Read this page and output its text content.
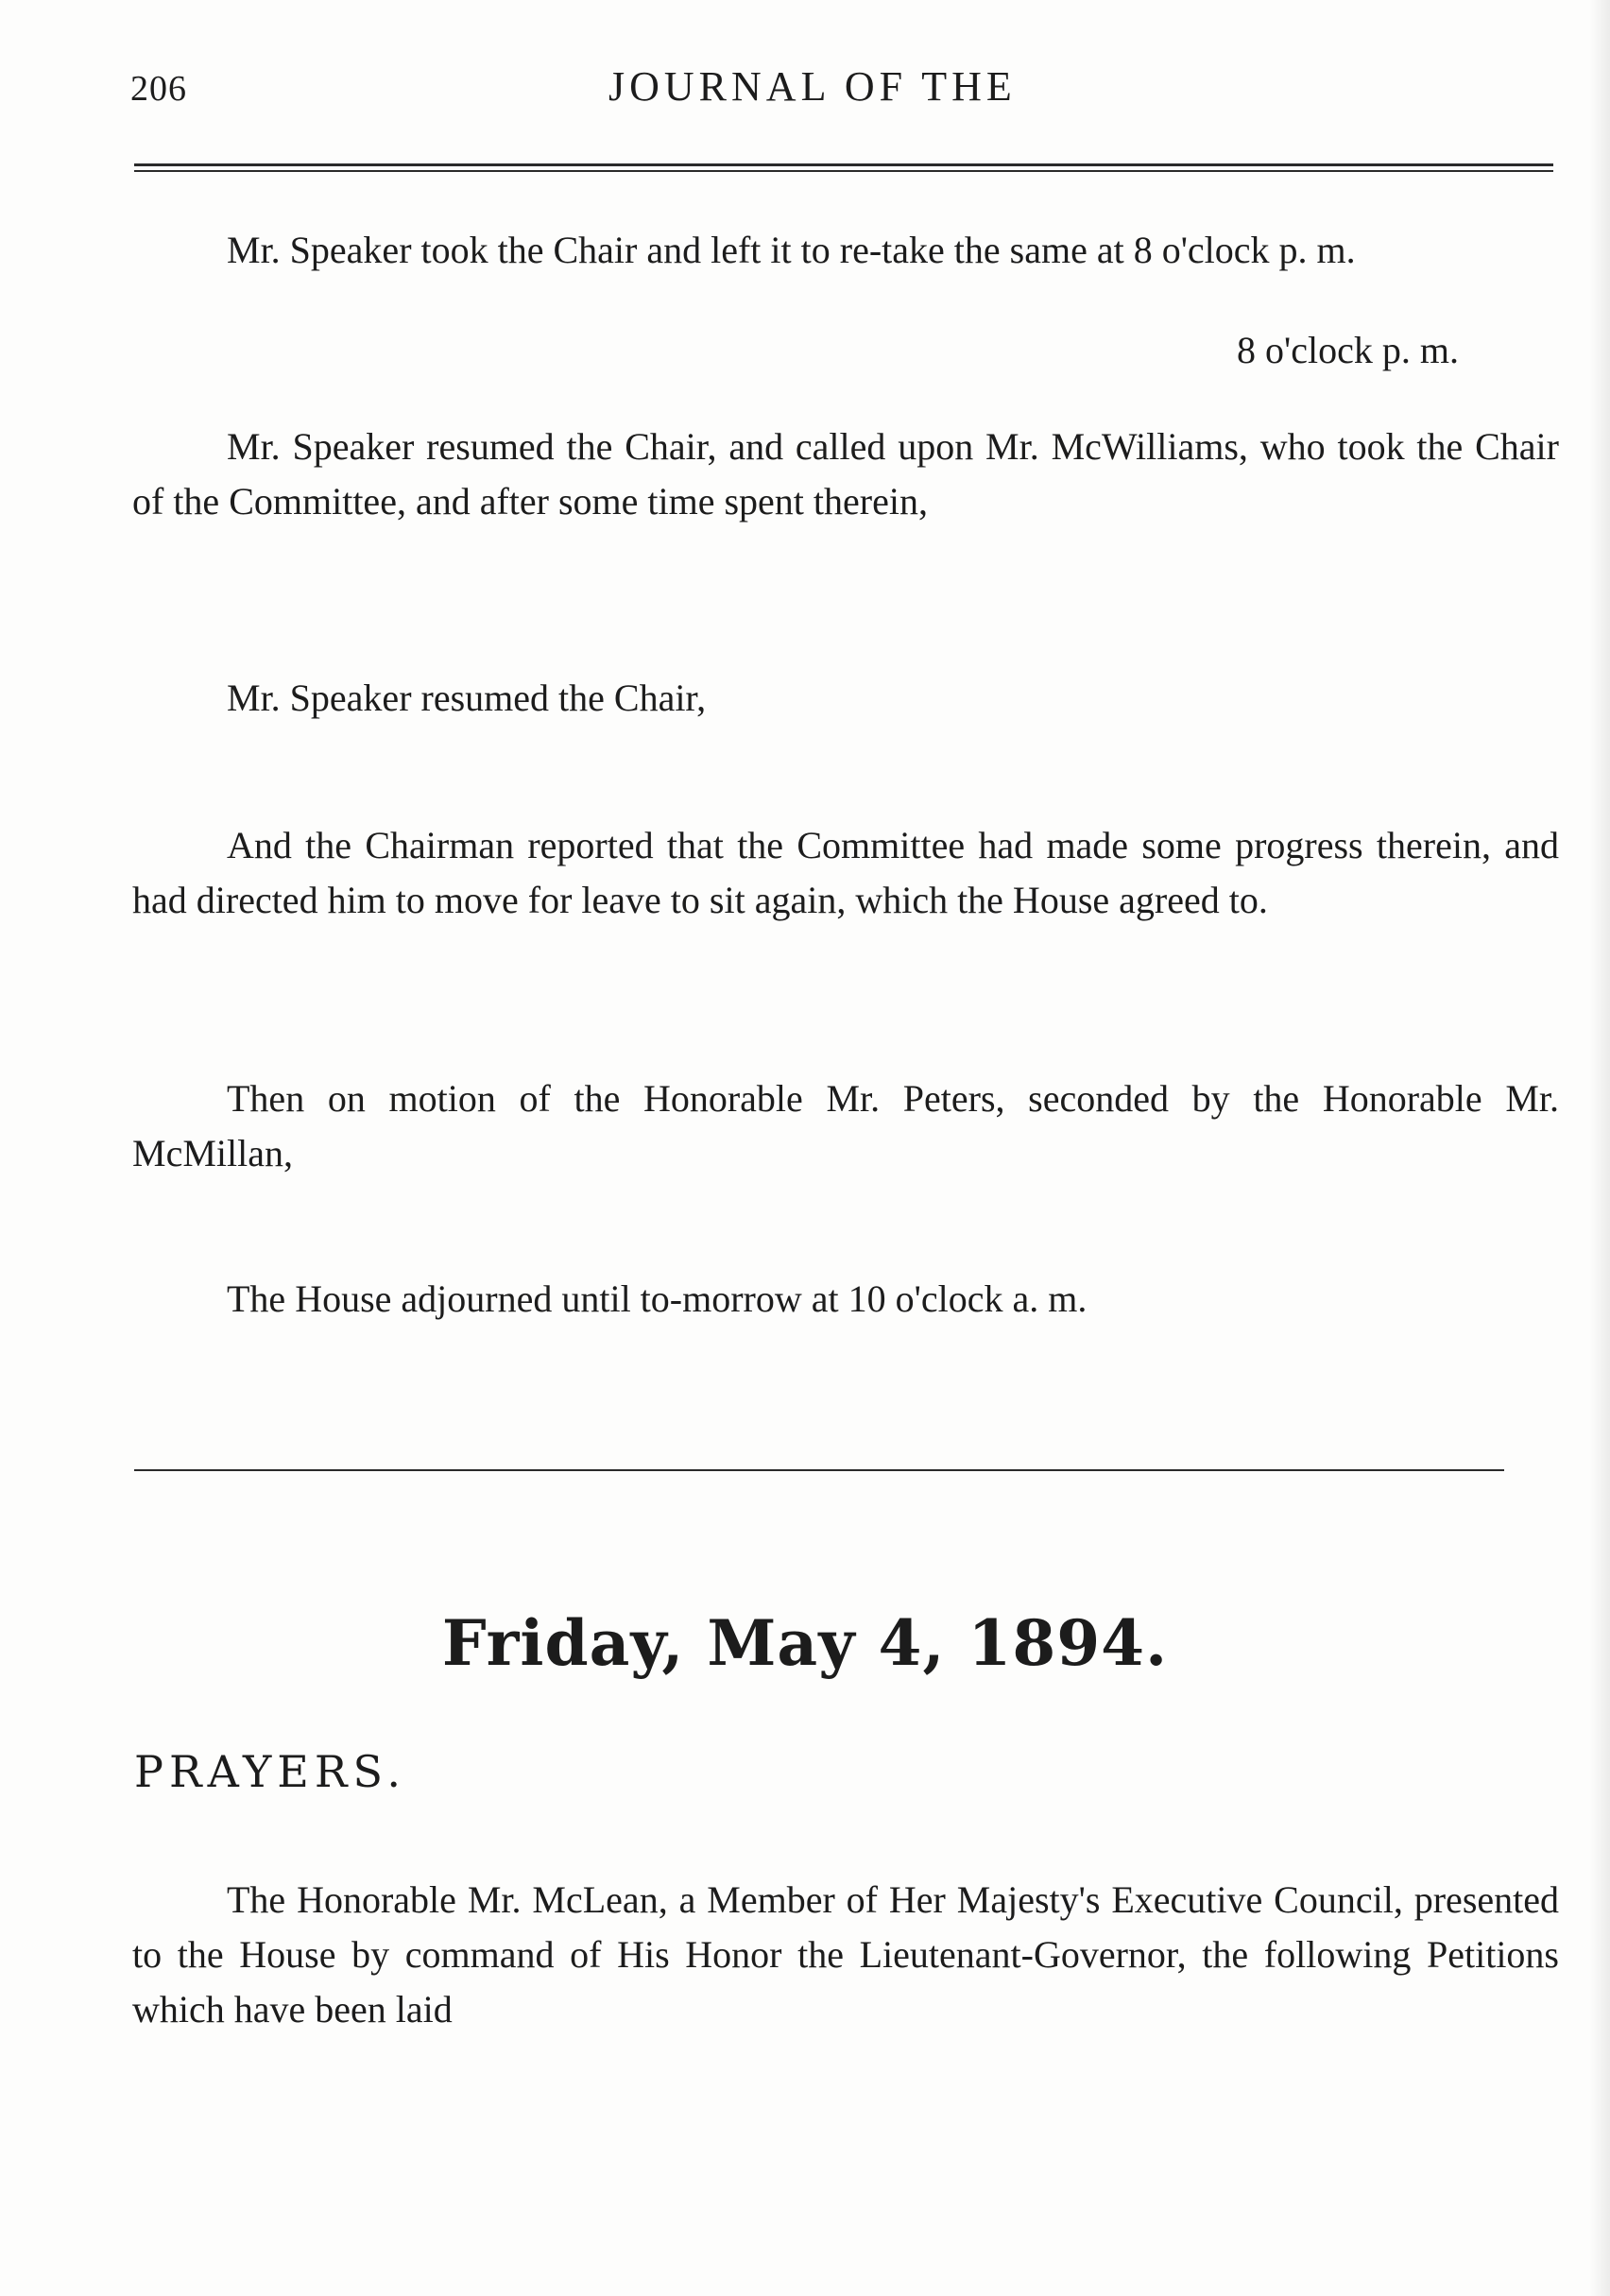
206	JOURNAL OF THE

Mr. Speaker took the Chair and left it to re-take the same at 8 o'clock p. m.

8 o'clock p. m.

Mr. Speaker resumed the Chair, and called upon Mr. McWilliams, who took the Chair of the Committee, and after some time spent therein,

Mr. Speaker resumed the Chair,

And the Chairman reported that the Committee had made some progress therein, and had directed him to move for leave to sit again, which the House agreed to.

Then on motion of the Honorable Mr. Peters, seconded by the Honorable Mr. McMillan,

The House adjourned until to-morrow at 10 o'clock a. m.

Friday, May 4, 1894.
PRAYERS.

The Honorable Mr. McLean, a Member of Her Majesty's Executive Council, presented to the House by command of His Honor the Lieutenant-Governor, the following Petitions which have been laid
